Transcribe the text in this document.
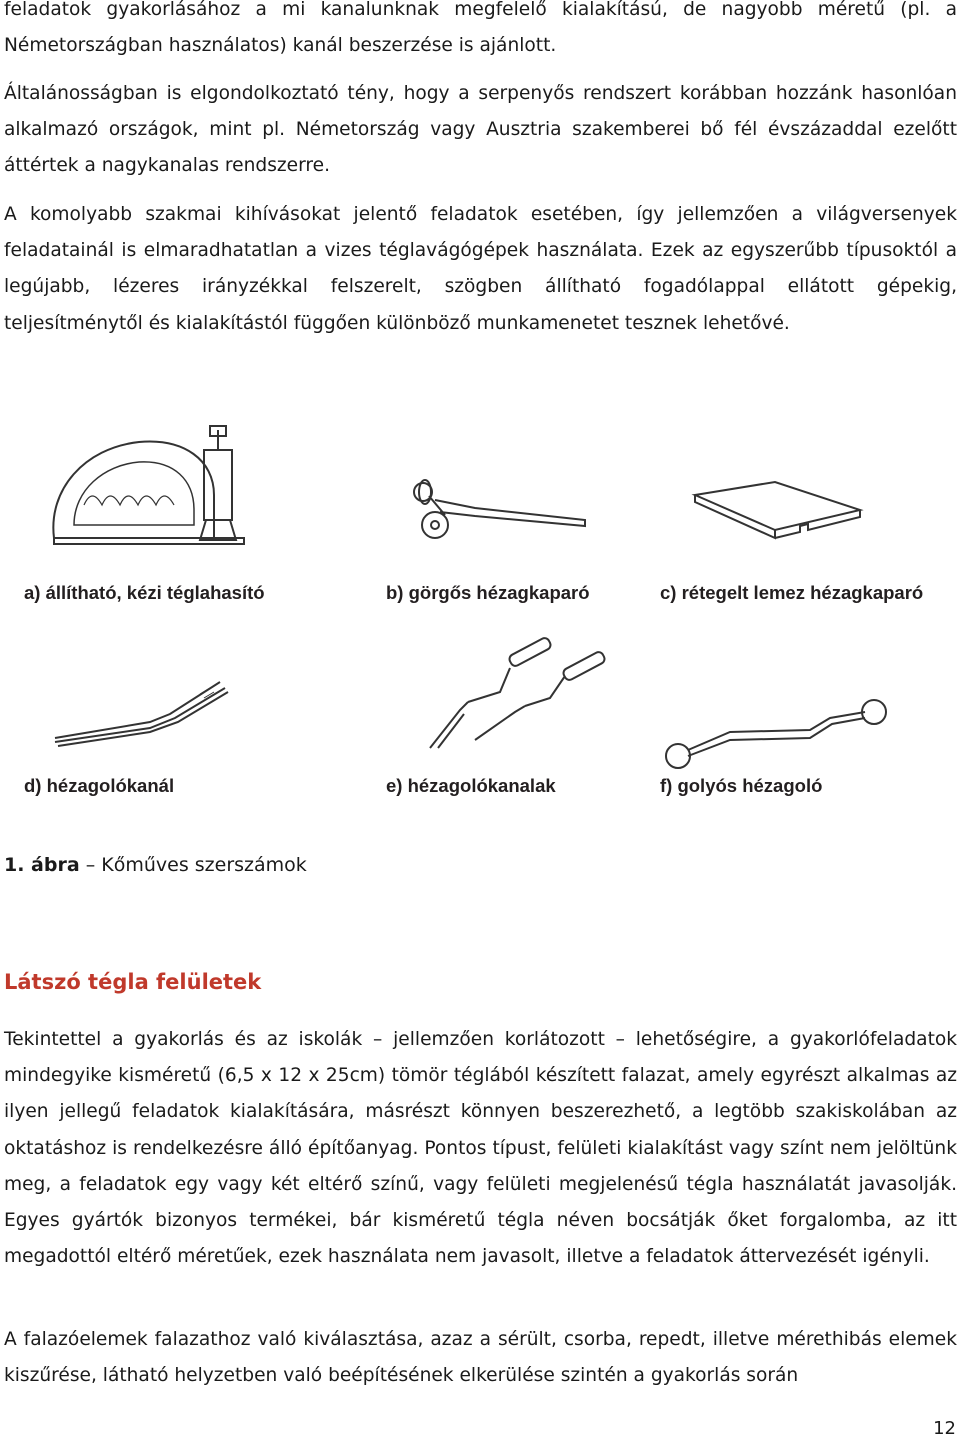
feladatok gyakorlásához a mi kanalunknak megfelelő kialakítású, de nagyobb méretű (pl. a Németországban használatos) kanál beszerzése is ajánlott.

Általánosságban is elgondolkoztató tény, hogy a serpenyős rendszert korábban hozzánk hasonlóan alkalmazó országok, mint pl. Németország vagy Ausztria szakemberei bő fél évszázaddal ezelőtt áttértek a nagykanalas rendszerre.

A komolyabb szakmai kihívásokat jelentő feladatok esetében, így jellemzően a világversenyek feladatainál is elmaradhatatlan a vizes téglavágógépek használata. Ezek az egyszerűbb típusoktól a legújabb, lézeres irányzékkal felszerelt, szögben állítható fogadólappal ellátott gépekig, teljesítménytől és kialakítástól függően különböző munkamenetet tesznek lehetővé.

a) állítható, kézi téglahasító	b) görgős hézagkaparó	c) rétegelt lemez hézagkaparó
d) hézagolókanál	e) hézagolókanalak	f) golyós hézagoló
1. ábra – Kőműves szerszámok
Látszó tégla felületek

Tekintettel a gyakorlás és az iskolák – jellemzően korlátozott – lehetőségire, a gyakorlófeladatok mindegyike kisméretű (6,5 x 12 x 25cm) tömör téglából készített falazat, amely egyrészt alkalmas az ilyen jellegű feladatok kialakítására, másrészt könnyen beszerezhető, a legtöbb szakiskolában az oktatáshoz is rendelkezésre álló építőanyag. Pontos típust, felületi kialakítást vagy színt nem jelöltünk meg, a feladatok egy vagy két eltérő színű, vagy felületi megjelenésű tégla használatát javasolják. Egyes gyártók bizonyos termékei, bár kisméretű tégla néven bocsátják őket forgalomba, az itt megadottól eltérő méretűek, ezek használata nem javasolt, illetve a feladatok áttervezését igényli.

A falazóelemek falazathoz való kiválasztása, azaz a sérült, csorba, repedt, illetve mérethibás elemek kiszűrése, látható helyzetben való beépítésének elkerülése szintén a gyakorlás során

12
